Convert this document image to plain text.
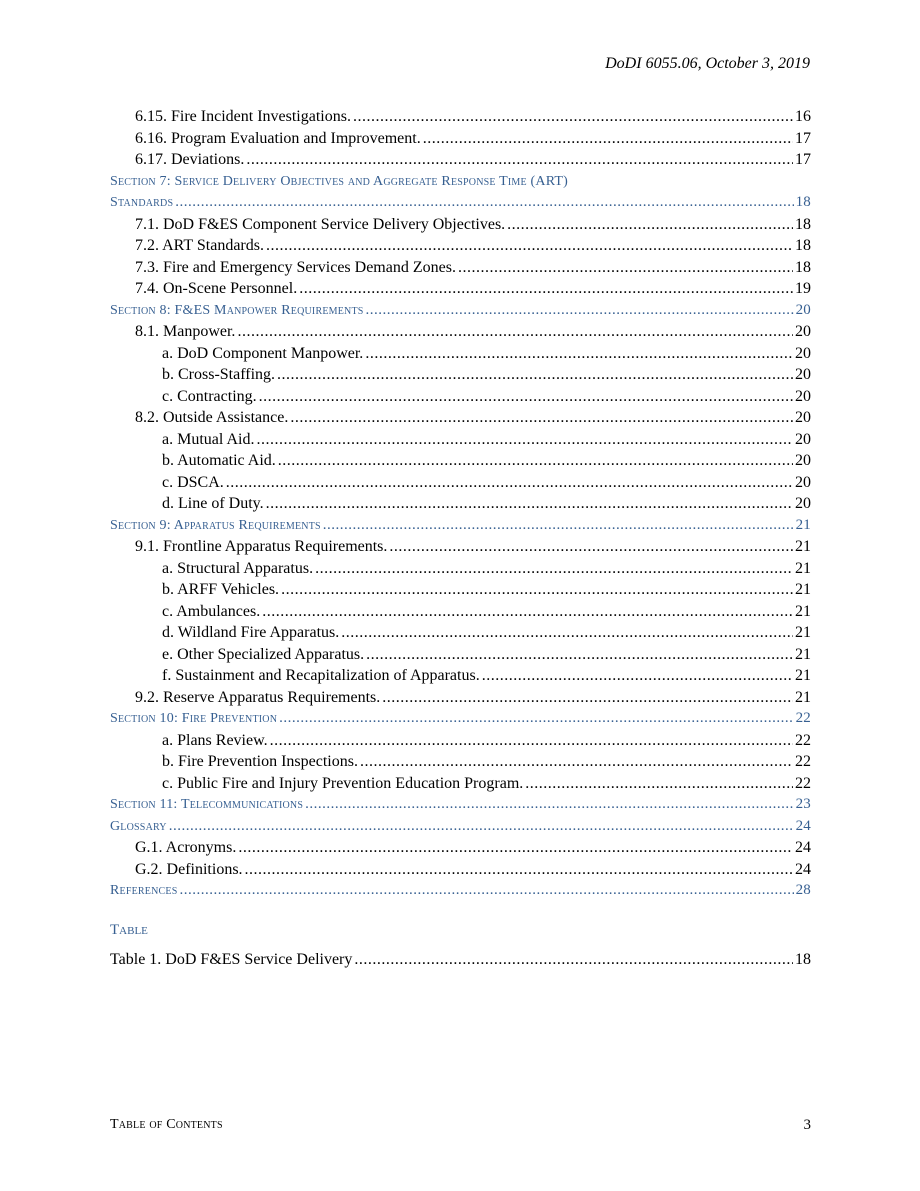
DoDI 6055.06, October 3, 2019
6.15. Fire Incident Investigations. .....	16
6.16. Program Evaluation and Improvement. .....	17
6.17. Deviations. .....	17
Section 7: Service Delivery Objectives and Aggregate Response Time (ART)
Standards .....	18
7.1. DoD F&ES Component Service Delivery Objectives. .....	18
7.2. ART Standards. .....	18
7.3. Fire and Emergency Services Demand Zones. .....	18
7.4. On-Scene Personnel. .....	19
Section 8: F&ES Manpower Requirements .....	20
8.1. Manpower. .....	20
a. DoD Component Manpower. .....	20
b. Cross-Staffing. .....	20
c. Contracting. .....	20
8.2. Outside Assistance. .....	20
a. Mutual Aid. .....	20
b. Automatic Aid. .....	20
c. DSCA. .....	20
d. Line of Duty. .....	20
Section 9: Apparatus Requirements .....	21
9.1. Frontline Apparatus Requirements. .....	21
a. Structural Apparatus. .....	21
b. ARFF Vehicles. .....	21
c. Ambulances. .....	21
d. Wildland Fire Apparatus. .....	21
e. Other Specialized Apparatus. .....	21
f. Sustainment and Recapitalization of Apparatus. .....	21
9.2. Reserve Apparatus Requirements. .....	21
Section 10: Fire Prevention .....	22
a. Plans Review. .....	22
b. Fire Prevention Inspections. .....	22
c. Public Fire and Injury Prevention Education Program. .....	22
Section 11: Telecommunications .....	23
Glossary .....	24
G.1. Acronyms. .....	24
G.2. Definitions. .....	24
References .....	28
Table
Table 1. DoD F&ES Service Delivery .....	18
Table of Contents	3
